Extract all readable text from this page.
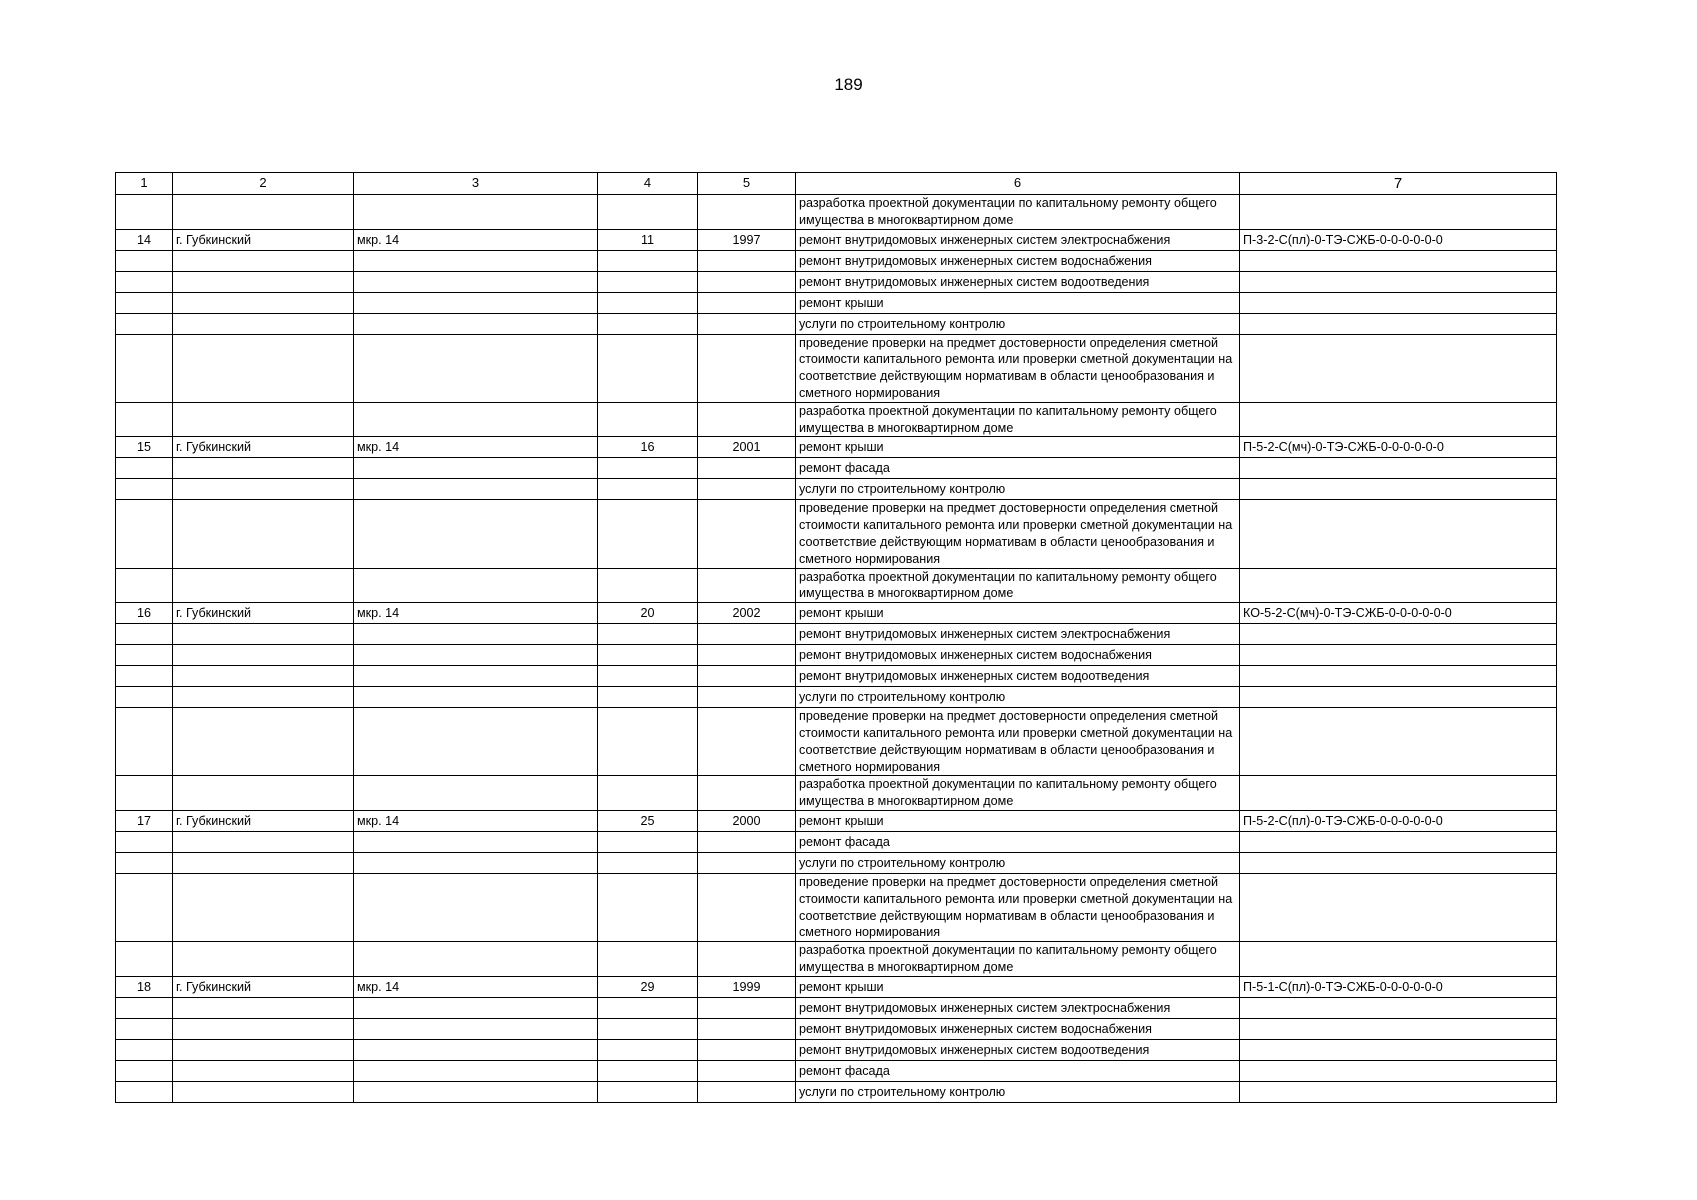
189
1	2	3	4	5	6	7
					разработка проектной документации по капитальному ремонту общего имущества в многоквартирном доме	
14	г. Губкинский	мкр. 14	11	1997	ремонт внутридомовых инженерных систем электроснабжения	П-3-2-С(пл)-0-ТЭ-СЖБ-0-0-0-0-0-0
					ремонт внутридомовых инженерных систем водоснабжения	
					ремонт внутридомовых инженерных систем водоотведения	
					ремонт крыши	
					услуги по строительному контролю	
					проведение проверки на предмет достоверности определения сметной стоимости капитального ремонта или проверки сметной документации на соответствие действующим нормативам в области ценообразования и сметного нормирования	
					разработка проектной документации по капитальному ремонту общего имущества в многоквартирном доме	
15	г. Губкинский	мкр. 14	16	2001	ремонт крыши	П-5-2-С(мч)-0-ТЭ-СЖБ-0-0-0-0-0-0
					ремонт фасада	
					услуги по строительному контролю	
					проведение проверки на предмет достоверности определения сметной стоимости капитального ремонта или проверки сметной документации на соответствие действующим нормативам в области ценообразования и сметного нормирования	
					разработка проектной документации по капитальному ремонту общего имущества в многоквартирном доме	
16	г. Губкинский	мкр. 14	20	2002	ремонт крыши	КО-5-2-С(мч)-0-ТЭ-СЖБ-0-0-0-0-0-0
					ремонт внутридомовых инженерных систем электроснабжения	
					ремонт внутридомовых инженерных систем водоснабжения	
					ремонт внутридомовых инженерных систем водоотведения	
					услуги по строительному контролю	
					проведение проверки на предмет достоверности определения сметной стоимости капитального ремонта или проверки сметной документации на соответствие действующим нормативам в области ценообразования и сметного нормирования	
					разработка проектной документации по капитальному ремонту общего имущества в многоквартирном доме	
17	г. Губкинский	мкр. 14	25	2000	ремонт крыши	П-5-2-С(пл)-0-ТЭ-СЖБ-0-0-0-0-0-0
					ремонт фасада	
					услуги по строительному контролю	
					проведение проверки на предмет достоверности определения сметной стоимости капитального ремонта или проверки сметной документации на соответствие действующим нормативам в области ценообразования и сметного нормирования	
					разработка проектной документации по капитальному ремонту общего имущества в многоквартирном доме	
18	г. Губкинский	мкр. 14	29	1999	ремонт крыши	П-5-1-С(пл)-0-ТЭ-СЖБ-0-0-0-0-0-0
					ремонт внутридомовых инженерных систем электроснабжения	
					ремонт внутридомовых инженерных систем водоснабжения	
					ремонт внутридомовых инженерных систем водоотведения	
					ремонт фасада	
					услуги по строительному контролю	
